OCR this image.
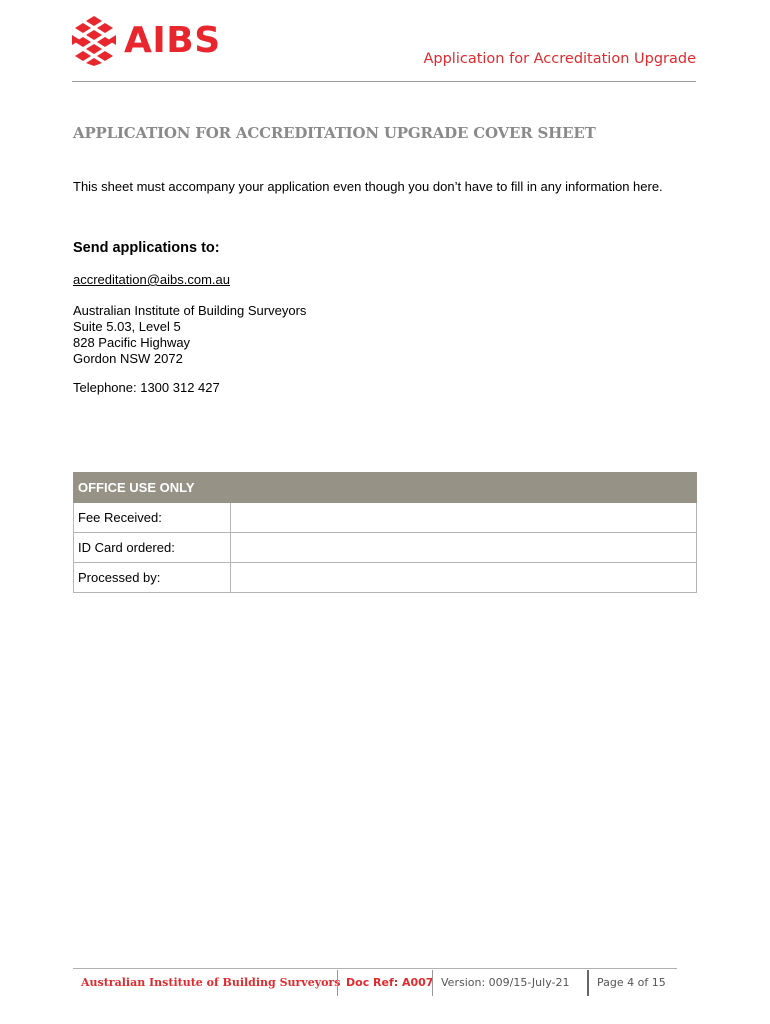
AIBS	Application for Accreditation Upgrade
APPLICATION FOR ACCREDITATION UPGRADE COVER SHEET
This sheet must accompany your application even though you don’t have to fill in any information here.
Send applications to:
accreditation@aibs.com.au
Australian Institute of Building Surveyors
Suite 5.03, Level 5
828 Pacific Highway
Gordon NSW 2072
Telephone: 1300 312 427
OFFICE USE ONLY	
Fee Received:	
ID Card ordered:	
Processed by:	
Australian Institute of Building Surveyors Doc Ref: A007 Version: 009/15-July-21	Page 4 of 15
